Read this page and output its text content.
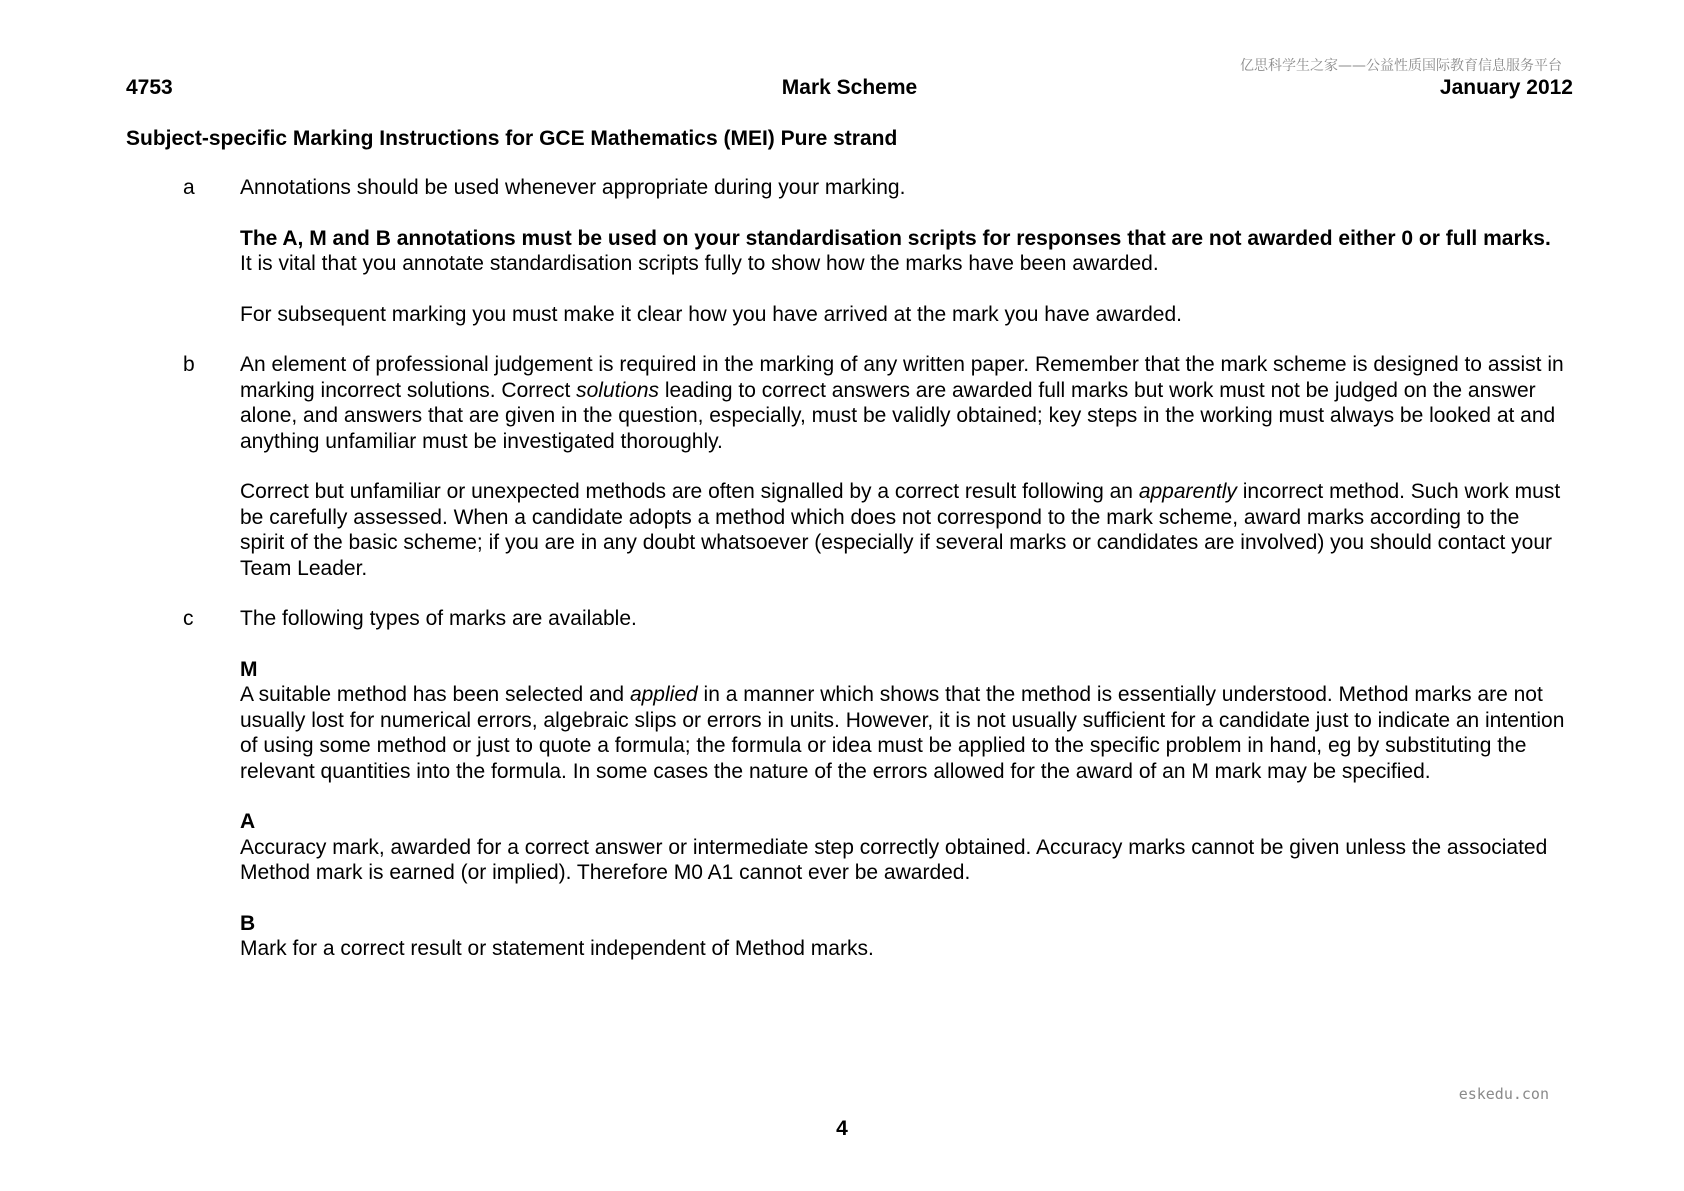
亿思科学生之家——公益性质国际教育信息服务平台
4753	Mark Scheme	January 2012
Subject-specific Marking Instructions for GCE Mathematics (MEI) Pure strand
a Annotations should be used whenever appropriate during your marking.

The A, M and B annotations must be used on your standardisation scripts for responses that are not awarded either 0 or full marks. It is vital that you annotate standardisation scripts fully to show how the marks have been awarded.

For subsequent marking you must make it clear how you have arrived at the mark you have awarded.

b An element of professional judgement is required in the marking of any written paper. Remember that the mark scheme is designed to assist in marking incorrect solutions. Correct solutions leading to correct answers are awarded full marks but work must not be judged on the answer alone, and answers that are given in the question, especially, must be validly obtained; key steps in the working must always be looked at and anything unfamiliar must be investigated thoroughly.

Correct but unfamiliar or unexpected methods are often signalled by a correct result following an apparently incorrect method. Such work must be carefully assessed. When a candidate adopts a method which does not correspond to the mark scheme, award marks according to the spirit of the basic scheme; if you are in any doubt whatsoever (especially if several marks or candidates are involved) you should contact your Team Leader.

c The following types of marks are available.

M

A suitable method has been selected and applied in a manner which shows that the method is essentially understood. Method marks are not usually lost for numerical errors, algebraic slips or errors in units. However, it is not usually sufficient for a candidate just to indicate an intention of using some method or just to quote a formula; the formula or idea must be applied to the specific problem in hand, eg by substituting the relevant quantities into the formula. In some cases the nature of the errors allowed for the award of an M mark may be specified.

A

Accuracy mark, awarded for a correct answer or intermediate step correctly obtained. Accuracy marks cannot be given unless the associated Method mark is earned (or implied). Therefore M0 A1 cannot ever be awarded.

B

Mark for a correct result or statement independent of Method marks.

eskedu.con
4
